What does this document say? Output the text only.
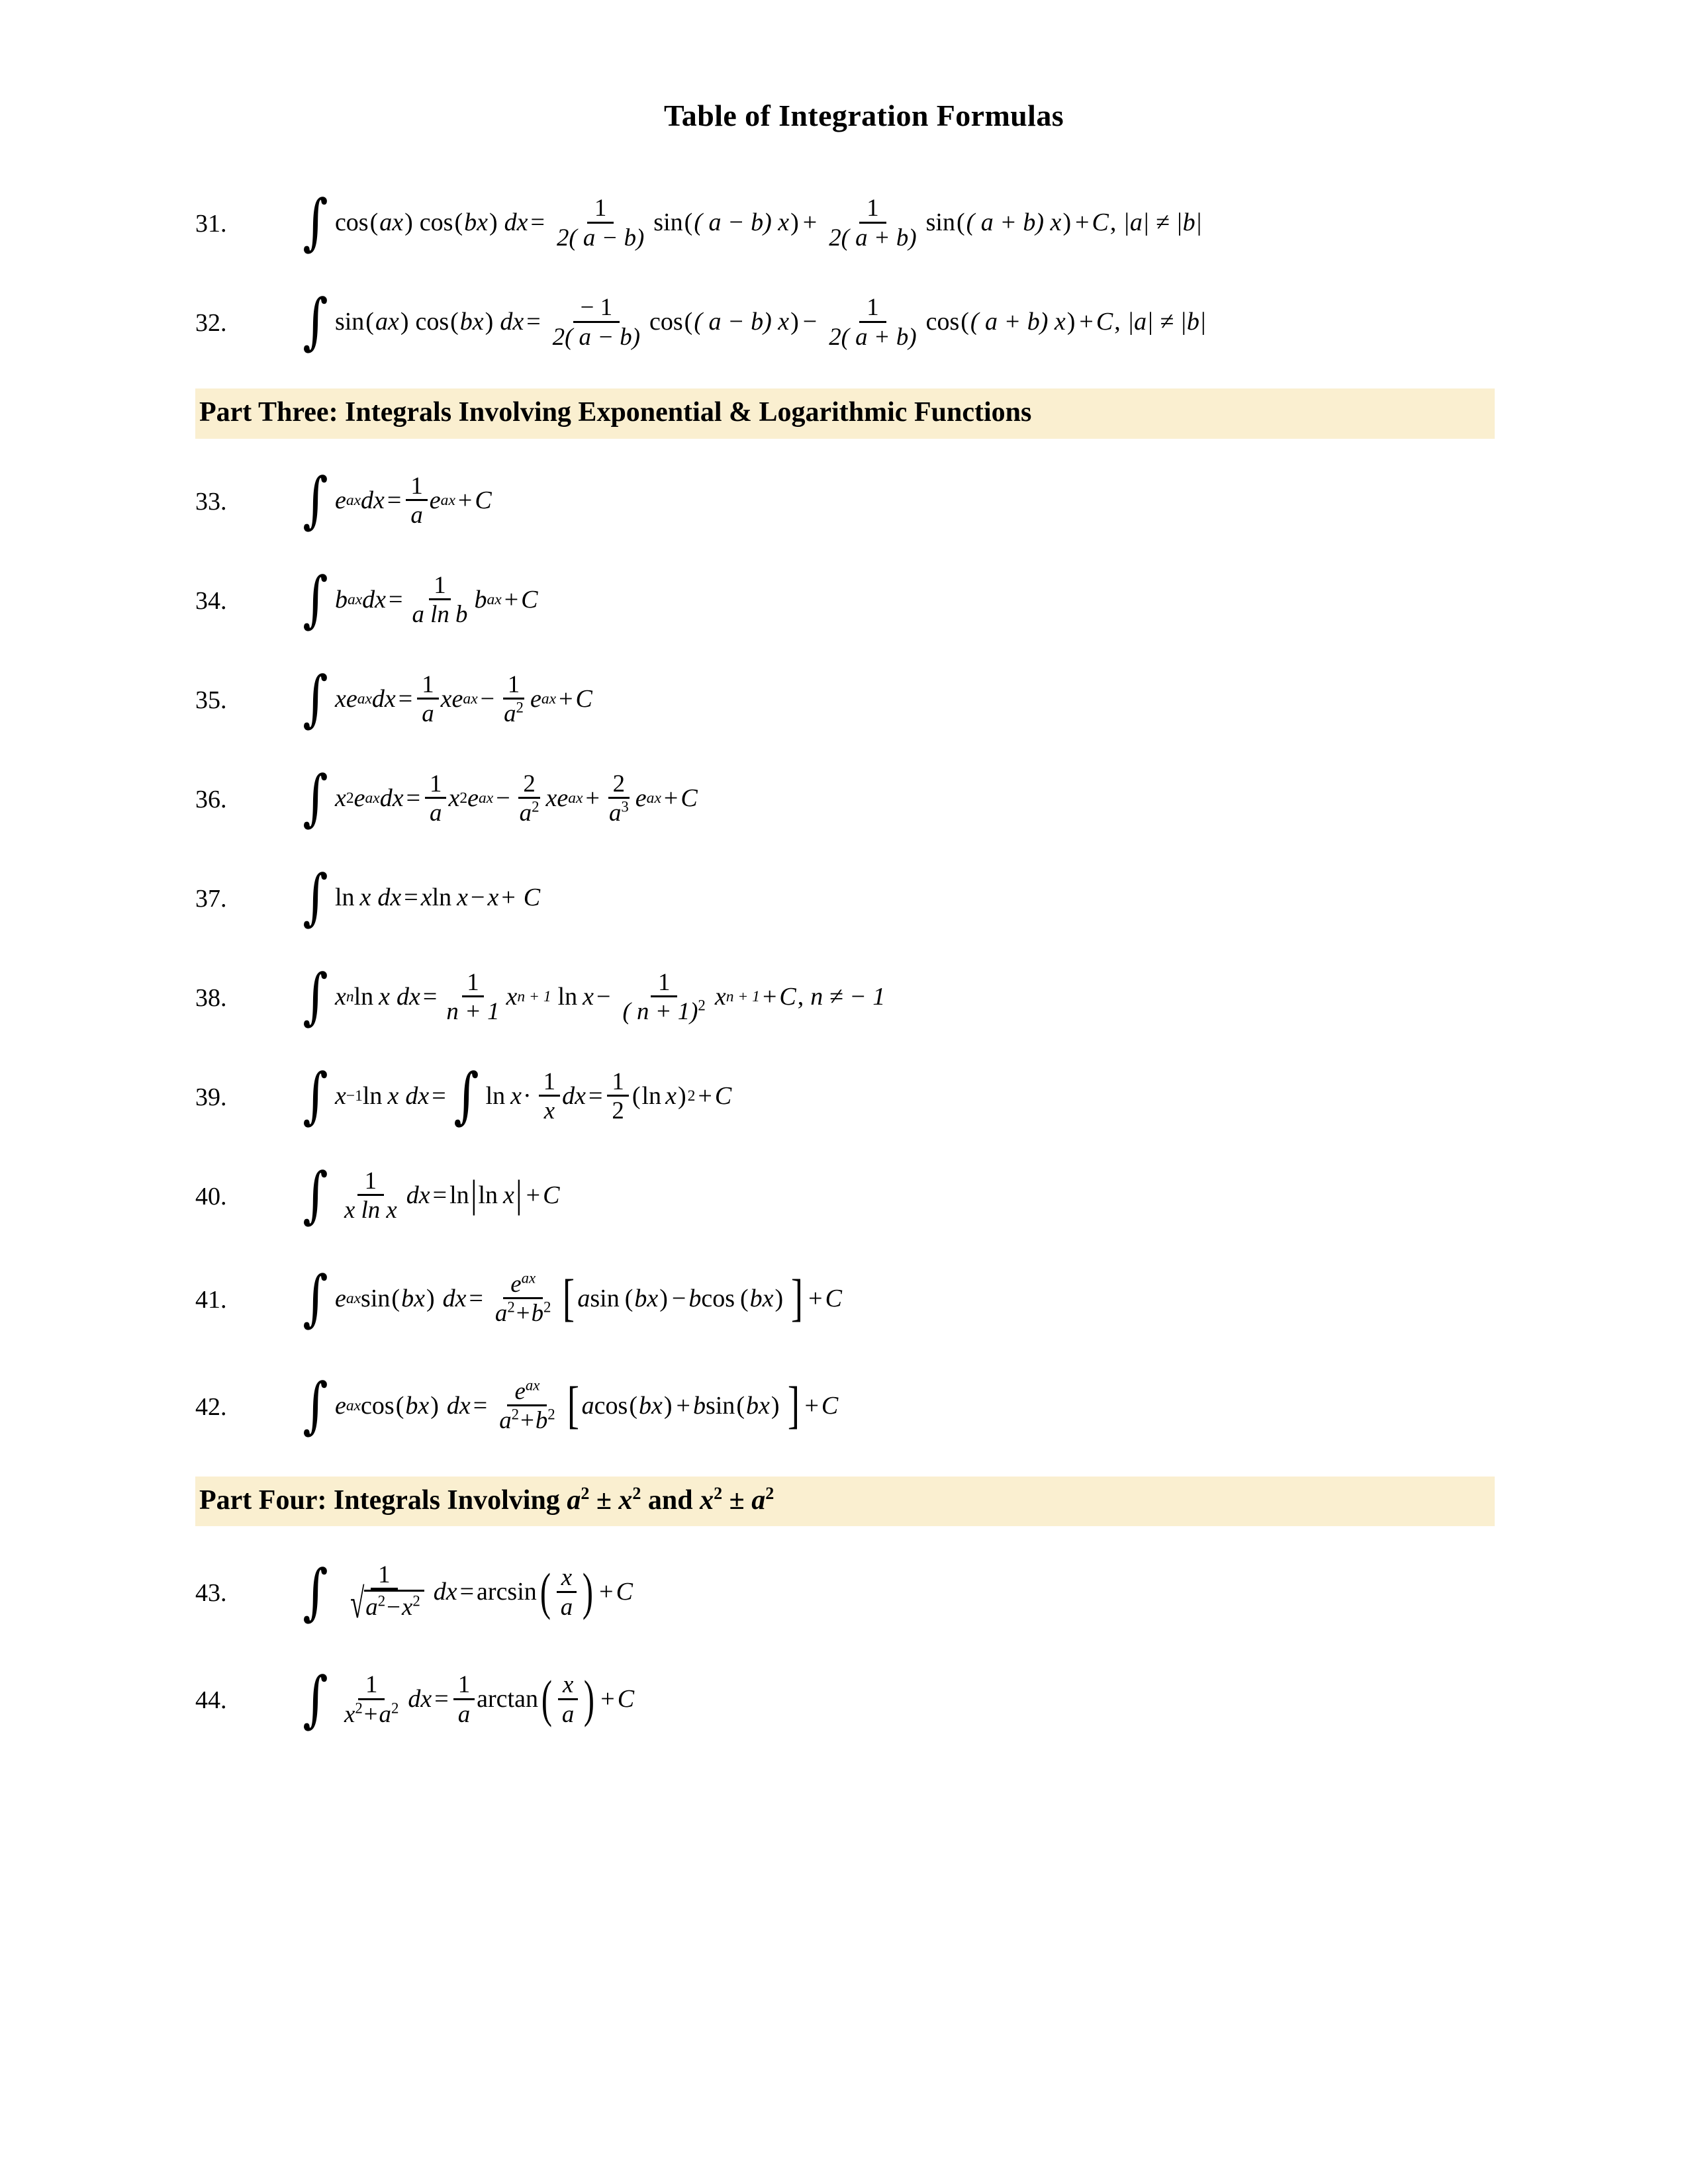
Table of Integration Formulas
31.	∫ cos ( a x ) cos ( b x ) dx = $\frac{1}{2( a - b)}$ sin ( ( a − b) x ) + $\frac{1}{2( a + b)}$ sin ( ( a + b) x ) + C , |a| ≠ |b|
32.	∫ sin ( a x ) cos ( b x ) dx = $\frac{- 1}{2( a - b)}$ cos ( ( a − b) x ) − $\frac{1}{2( a + b)}$ cos ( ( a + b) x ) + C , |a| ≠ |b|
Part Three: Integrals Involving Exponential & Logarithmic Functions
33.	∫ e ax dx = $\frac{1}{a}$ e ax + C
34.	∫ b ax dx = $\frac{1}{\text{a ln b}}$ b ax + C
35.	∫ x e ax dx = $\frac{1}{a}$ x e ax − $\frac{1}{a^2}$ e ax + C
36.	∫ x 2 e ax dx = $\frac{1}{a}$ x 2 e ax − $\frac{2}{a^2}$ x e ax + $\frac{2}{a^3}$ e ax + C
37.	∫ ln x dx = x ln x − x + C
38.	∫ x n ln x dx = $\frac{1}{n + 1}$ x n + 1 $\ln x - \frac{1}{( n + 1)^2}$ x n + 1 + C , n ≠ − 1
39.	∫ x −1 ln x dx = ∫ $\ln x \cdot \frac{1}{x}$ dx = $\frac{1}{2}$ ( ln x ) 2 + C
40.	∫ $\frac{1}{\text{x ln x}}$ dx = ln | ln x | + C
41.	∫ e ax sin ( b x ) dx = $\frac{e^{ax}}{a^2+b^2}$ [ a sin ( b x ) − b cos ( b x ) ] + C
42.	∫ e ax cos ( b x ) dx = $\frac{e^{ax}}{a^2+b^2}$ [ a cos ( b x ) + b sin ( b x ) ] + C
Part Four: Integrals Involving $a^2 \pm x^2$ and $x^2 \pm a^2$
43.	∫ $\frac{1}{√ a^2-x^2}$ dx = arcsin ( $\frac{x}{a}$ ) + C
44.	∫ $\frac{1}{x^2+a^2}$ dx = $\frac{1}{a}$ arctan ( $\frac{x}{a}$ ) + C
